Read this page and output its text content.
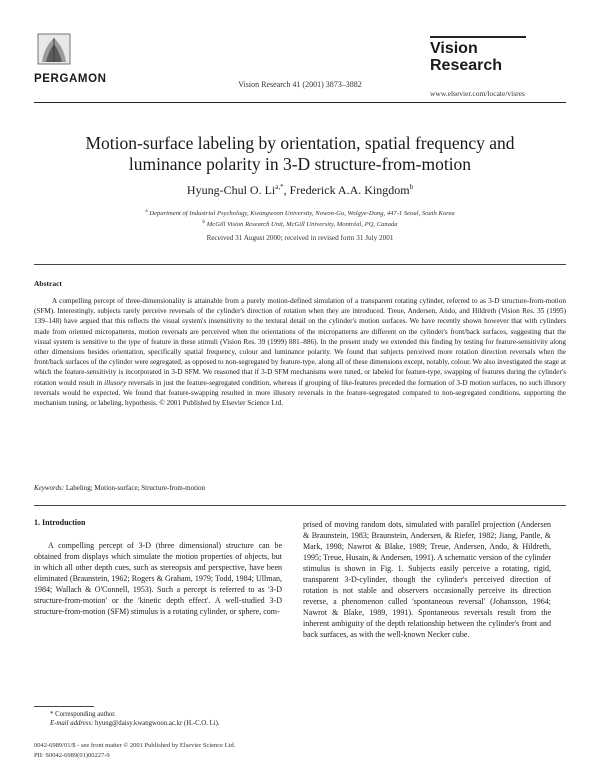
PERGAMON	Vision Research 41 (2001) 3873–3882
Vision
Research
www.elsevier.com/locate/visres
Motion-surface labeling by orientation, spatial frequency and
luminance polarity in 3-D structure-from-motion
Hyung-Chul O. $Li^{a,*}$, Frederick A.A. Kingdom$^b$
$^a$ Department of Industrial Psychology, Kwangwoon University, Nowon-Gu, Wolgye-Dong, 447-1 Seoul, South Korea
$^b$ McGill Vision Research Unit, McGill University, Montréal, PQ, Canada
Received 31 August 2000; received in revised form 31 July 2001
Abstract
A compelling percept of three-dimensionality is attainable from a purely motion-defined simulation of a transparent rotating cylinder, referred to as 3-D structure-from-motion (SFM). Interestingly, subjects rarely perceive reversals of the cylinder's direction of rotation when they are introduced. Treue, Andersen, Ando, and Hildreth (Vision Res. 35 (1995) 139–148) have argued that this reflects the visual system's insensitivity to the textural detail on the cylinder's motion surfaces. We have recently shown however that with cylinders made from oriented micropatterns, motion reversals are perceived when the orientations of the micropatterns are different on the cylinder's front/back surfaces, suggesting that the visual system is sensitive to the type of feature in these stimuli (Vision Res. 39 (1999) 881–886). In the present study we extended this finding by testing for feature-sensitivity along other dimensions besides orientation, specifically spatial frequency, colour and luminance polarity. We found that subjects perceived more rotation direction reversals when the front/back surfaces of the cylinder were segregated, as opposed to non-segregated by feature-type, along all of these dimensions except, notably, colour. We also investigated the stage at which the feature-sensitivity is incorporated in 3-D SFM. We reasoned that if 3-D SFM mechanisms were tuned, or labeled for feature-type, swapping of features during the cylinder's rotation would result in illusory reversals in just the feature-segregated condition, whereas if grouping of like-features preceded the formation of 3-D motion surfaces, no such illusory reversals would be expected. We found that feature-swapping resulted in more illusory reversals in the feature-segregated compared to non-segregated conditions, supporting the mechanism tuning, or labeling, hypothesis. © 2001 Published by Elsevier Science Ltd.
Keywords: Labeling; Motion-surface; Structure-from-motion
1. Introduction
A compelling percept of 3-D (three dimensional) structure can be obtained from displays which simulate the motion properties of objects, but in which all other depth cues, such as stereopsis and perspective, have been eliminated (Braunstein, 1962; Rogers & Graham, 1979; Todd, 1984; Ullman, 1984; Wallach & O'Connell, 1953). Such a percept is referred to as '3-D structure-from-motion' or the 'kinetic depth effect'. A well-studied 3-D structure-from-motion (SFM) stimulus is a rotating cylinder, or sphere, com-
prised of moving random dots, simulated with parallel projection (Andersen & Braunstein, 1983; Braunstein, Andersen, & Riefer, 1982; Jiang, Pantle, & Mark, 1998; Nawrot & Blake, 1989; Treue, Andersen, Ando, & Hildreth, 1995; Treue, Husain, & Andersen, 1991). A schematic version of the cylinder stimulus is shown in Fig. 1. Subjects easily perceive a rotating, rigid, transparent 3-D-cylinder, though the cylinder's perceived direction of rotation is not stable and observers occasionally perceive its direction reverse, a phenomenon called 'spontaneous reversal' (Johansson, 1964; Nawrot & Blake, 1989, 1991). Spontaneous reversals result from the inherent ambiguity of the depth relationship between the cylinder's front and back surfaces, as with the well-known Necker cube.
* Corresponding author.
E-mail address: hyung@daisy.kwangwoon.ac.kr (H.-C.O. Li).
0042-6989/01/$ - see front matter © 2001 Published by Elsevier Science Ltd.
PII: S0042-6989(01)00227-9
